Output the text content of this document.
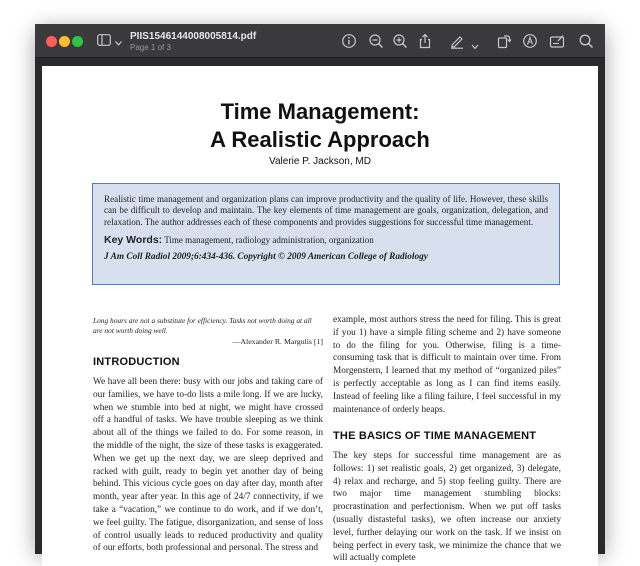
PIIS1546144008005814.pdf
Page 1 of 3
Time Management:
A Realistic Approach
Valerie P. Jackson, MD
Realistic time management and organization plans can improve productivity and the quality of life. However, these skills can be difficult to develop and maintain. The key elements of time management are goals, organization, delegation, and relaxation. The author addresses each of these components and provides suggestions for successful time management.
Key Words: Time management, radiology administration, organization
J Am Coll Radiol 2009;6:434-436. Copyright © 2009 American College of Radiology
Long hours are not a substitute for efficiency. Tasks not worth doing at all are not worth doing well.
—Alexander R. Margulis [1]
INTRODUCTION
We have all been there: busy with our jobs and taking care of our families, we have to-do lists a mile long. If we are lucky, when we stumble into bed at night, we might have crossed off a handful of tasks. We have trouble sleeping as we think about all of the things we failed to do. For some reason, in the middle of the night, the size of these tasks is exaggerated. When we get up the next day, we are sleep deprived and racked with guilt, ready to begin yet another day of being behind. This vicious cycle goes on day after day, month after month, year after year. In this age of 24/7 connectivity, if we take a “vacation,” we continue to do work, and if we don’t, we feel guilty. The fatigue, disorganization, and sense of loss of control usually leads to reduced productivity and quality of our efforts, both professional and personal. The stress and
example, most authors stress the need for filing. This is great if you 1) have a simple filing scheme and 2) have someone to do the filing for you. Otherwise, filing is a time-consuming task that is difficult to maintain over time. From Morgenstern, I learned that my method of “organized piles” is perfectly acceptable as long as I can find items easily. Instead of feeling like a filing failure, I feel successful in my maintenance of orderly heaps.
THE BASICS OF TIME MANAGEMENT
The key steps for successful time management are as follows: 1) set realistic goals, 2) get organized, 3) delegate, 4) relax and recharge, and 5) stop feeling guilty. There are two major time management stumbling blocks: procrastination and perfectionism. When we put off tasks (usually distasteful tasks), we often increase our anxiety level, further delaying our work on the task. If we insist on being perfect in every task, we minimize the chance that we will actually complete
